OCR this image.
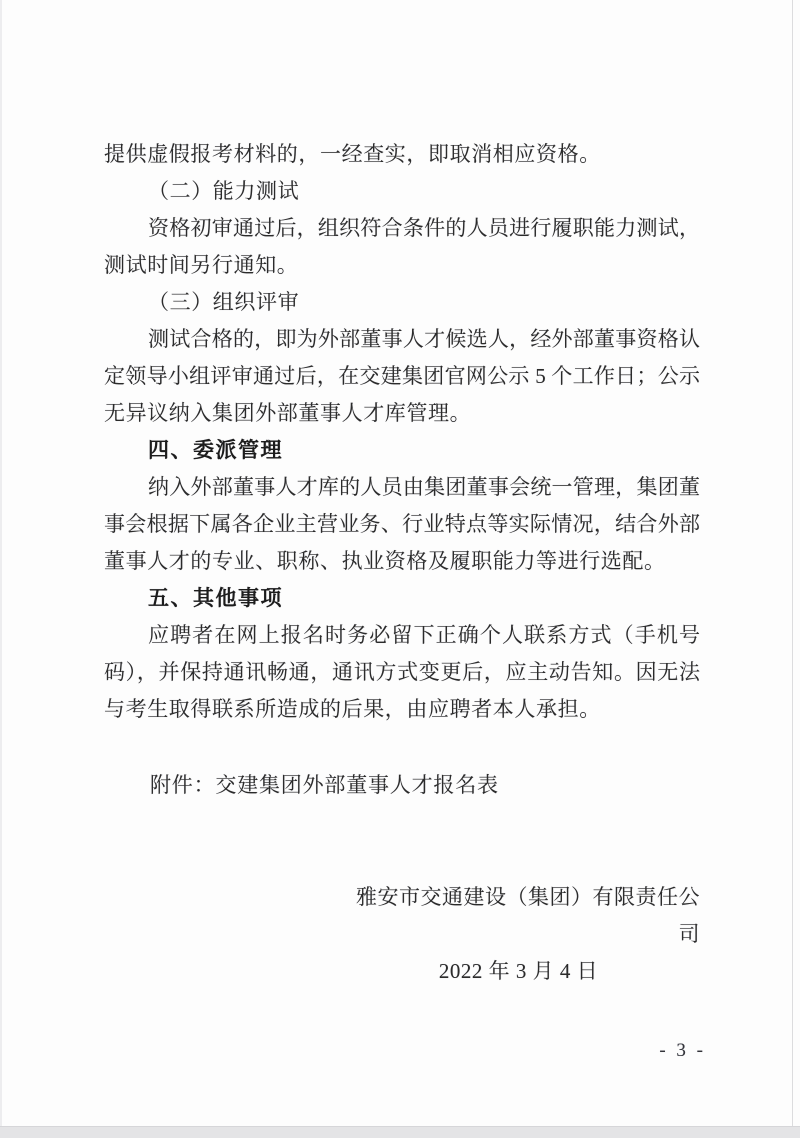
提供虚假报考材料的，一经查实，即取消相应资格。
（二）能力测试
资格初审通过后，组织符合条件的人员进行履职能力测试，
测试时间另行通知。
（三）组织评审
测试合格的，即为外部董事人才候选人，经外部董事资格认
定领导小组评审通过后，在交建集团官网公示 5 个工作日；公示
无异议纳入集团外部董事人才库管理。
四、委派管理
纳入外部董事人才库的人员由集团董事会统一管理，集团董
事会根据下属各企业主营业务、行业特点等实际情况，结合外部
董事人才的专业、职称、执业资格及履职能力等进行选配。
五、其他事项
应聘者在网上报名时务必留下正确个人联系方式（手机号
码），并保持通讯畅通，通讯方式变更后，应主动告知。因无法
与考生取得联系所造成的后果，由应聘者本人承担。
附件：交建集团外部董事人才报名表
雅安市交通建设（集团）有限责任公司
2022 年 3 月 4 日
- 3 -
